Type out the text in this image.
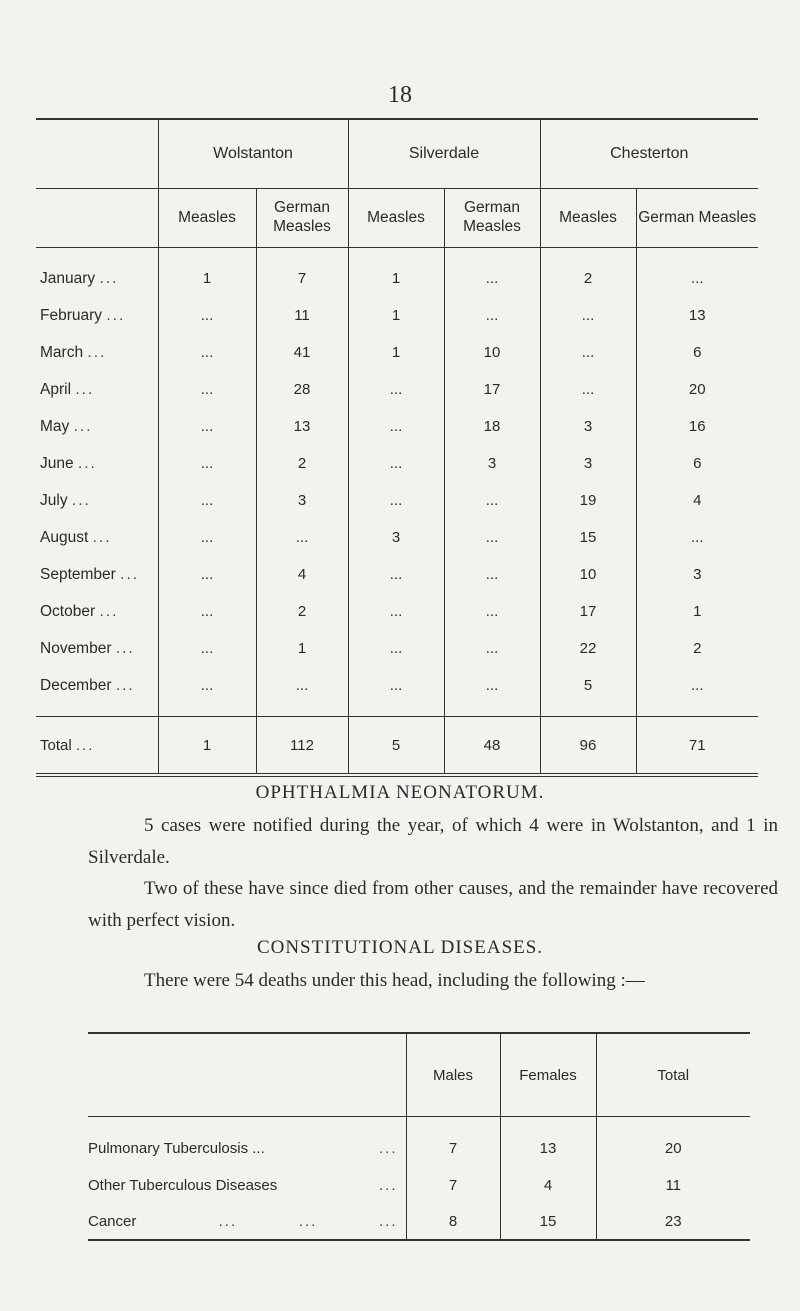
18

	Wolstanton		Silverdale		Chesterton	
	Measles	German Measles	Measles	German Measles	Measles	German Measles

January ...	1	7	1	...	2	...
February ...	...	11	1	...	...	13
March ...	...	41	1	10	...	6
April ...	...	28	...	17	...	20
May ...	...	13	...	18	3	16
June ...	...	2	...	3	3	6
July ...	...	3	...	...	19	4
August ...	...	...	3	...	15	...
September ...	...	4	...	...	10	3
October ...	...	2	...	...	17	1
November ...	...	1	...	...	22	2
December ...	...	...	...	...	5	...

Total ...	1	112	5	48	96	71

OPHTHALMIA NEONATORUM.
5 cases were notified during the year, of which 4 were in Wolstanton, and 1 in Silverdale.
Two of these have since died from other causes, and the remainder have recovered with perfect vision.
CONSTITUTIONAL DISEASES.
There were 54 deaths under this head, including the following :—
	Males	Females	Total
Pulmonary Tuberculosis ... ...	7	13	20
Other Tuberculous Diseases ...	7	4	11
Cancer ...          ...          ...	8	15	23
